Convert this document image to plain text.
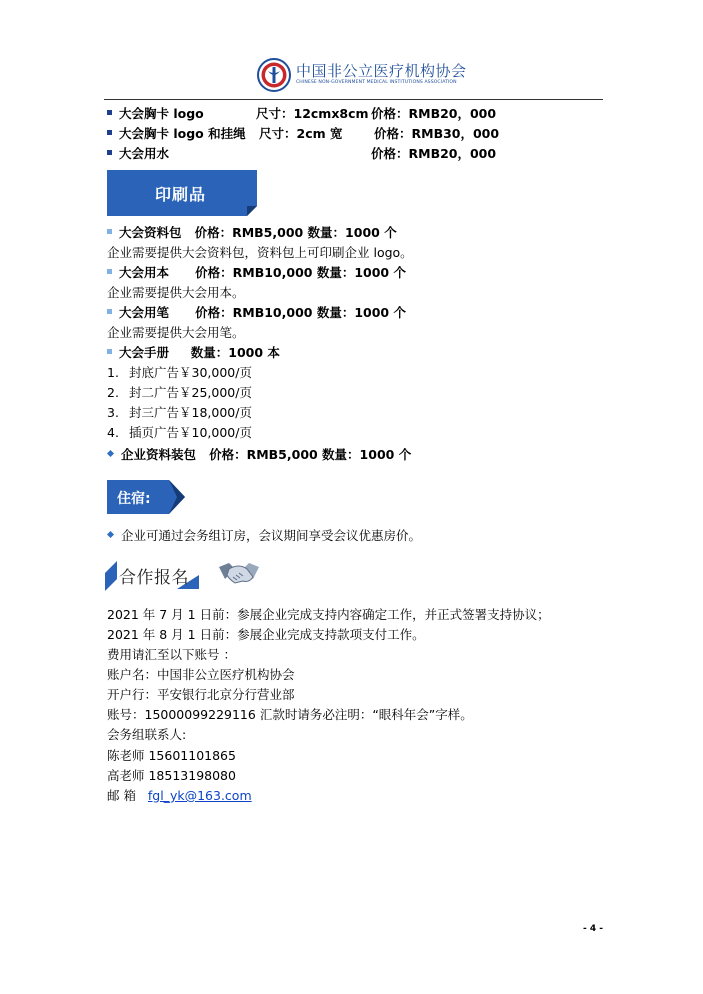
中国非公立医疗机构协会
CHINESE NON-GOVERNMENT MEDICAL INSTITUTIONS ASSOCIATION
大会胸卡 logo	尺寸：12cmx8cm 价格：RMB20，000
大会胸卡 logo 和挂绳 尺寸：2cm 宽	价格：RMB30，000
大会用水	价格：RMB20，000
印刷品
大会资料包 价格：RMB5,000 数量：1000 个
企业需要提供大会资料包，资料包上可印刷企业 logo。
大会用本 价格：RMB10,000 数量：1000 个
企业需要提供大会用本。
大会用笔 价格：RMB10,000 数量：1000 个
企业需要提供大会用笔。
大会手册 数量：1000 本
1. 封底广告￥30,000/页
2. 封二广告￥25,000/页
3. 封三广告￥18,000/页
4. 插页广告￥10,000/页
企业资料装包 价格：RMB5,000 数量：1000 个
住宿:
企业可通过会务组订房，会议期间享受会议优惠房价。
合作报名
2021 年 7 月 1 日前：参展企业完成支持内容确定工作，并正式签署支持协议；
2021 年 8 月 1 日前：参展企业完成支持款项支付工作。
费用请汇至以下账号 ：
账户名：中国非公立医疗机构协会
开户行：平安银行北京分行营业部
账号：15000099229116 汇款时请务必注明：“眼科年会”字样。
会务组联系人:
陈老师 15601101865
高老师 18513198080
邮 箱 fgl_yk@163.com
- 4 -
